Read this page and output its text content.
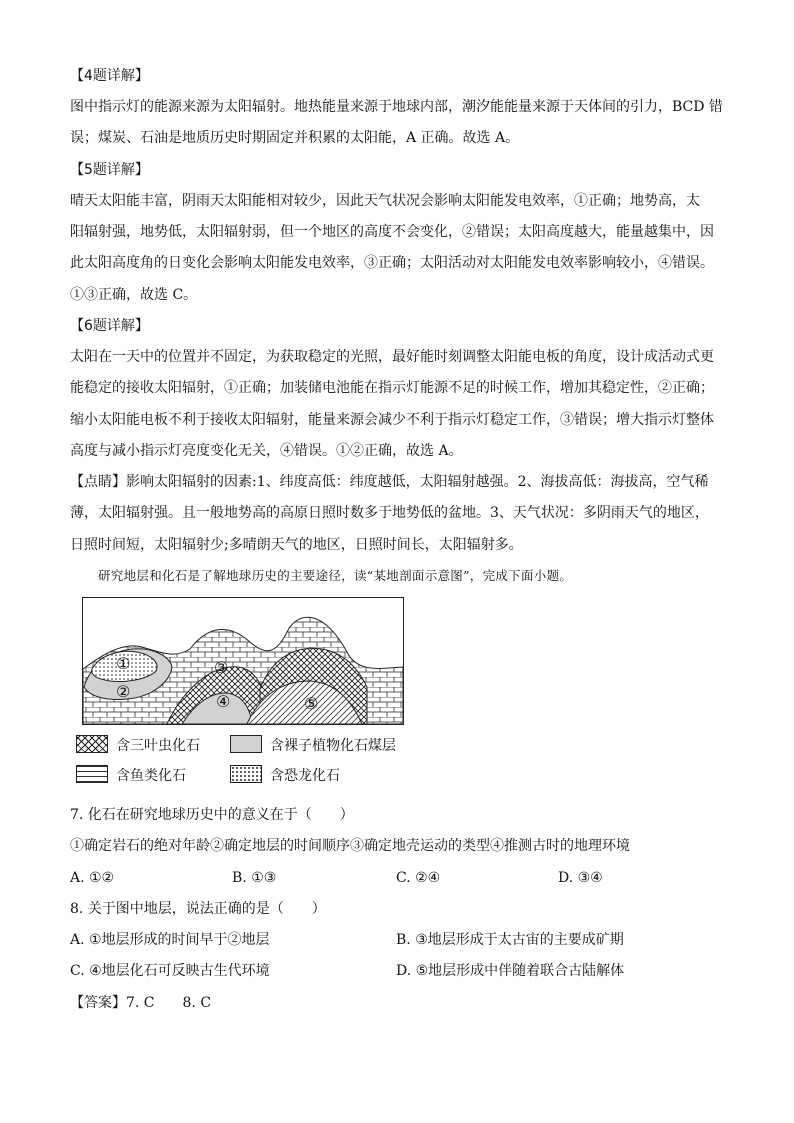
【4题详解】
图中指示灯的能源来源为太阳辐射。地热能量来源于地球内部，潮汐能能量来源于天体间的引力，BCD 错
误；煤炭、石油是地质历史时期固定并积累的太阳能，A 正确。故选 A。
【5题详解】
晴天太阳能丰富，阴雨天太阳能相对较少，因此天气状况会影响太阳能发电效率，①正确；地势高，太
阳辐射强，地势低，太阳辐射弱，但一个地区的高度不会变化，②错误；太阳高度越大，能量越集中，因
此太阳高度角的日变化会影响太阳能发电效率，③正确；太阳活动对太阳能发电效率影响较小，④错误。
①③正确，故选 C。
【6题详解】
太阳在一天中的位置并不固定，为获取稳定的光照，最好能时刻调整太阳能电板的角度，设计成活动式更
能稳定的接收太阳辐射，①正确；加装储电池能在指示灯能源不足的时候工作，增加其稳定性，②正确；
缩小太阳能电板不利于接收太阳辐射，能量来源会减少不利于指示灯稳定工作，③错误；增大指示灯整体
高度与减小指示灯亮度变化无关，④错误。①②正确，故选 A。
【点睛】影响太阳辐射的因素:1、纬度高低：纬度越低，太阳辐射越强。2、海拔高低：海拔高，空气稀
薄，太阳辐射强。且一般地势高的高原日照时数多于地势低的盆地。3、天气状况：多阴雨天气的地区，
日照时间短，太阳辐射少;多晴朗天气的地区，日照时间长，太阳辐射多。
研究地层和化石是了解地球历史的主要途径，读“某地剖面示意图”，完成下面小题。
①
②
③
④	⑤
含三叶虫化石	含裸子植物化石煤层
含鱼类化石	含恐龙化石
7. 化石在研究地球历史中的意义在于（　　）
①确定岩石的绝对年龄②确定地层的时间顺序③确定地壳运动的类型④推测古时的地理环境
A. ①②	B. ①③	C. ②④	D. ③④
8. 关于图中地层，说法正确的是（　　）
A. ①地层形成的时间早于②地层	B. ③地层形成于太古宙的主要成矿期
C. ④地层化石可反映古生代环境	D. ⑤地层形成中伴随着联合古陆解体
【答案】7. C　　8. C
